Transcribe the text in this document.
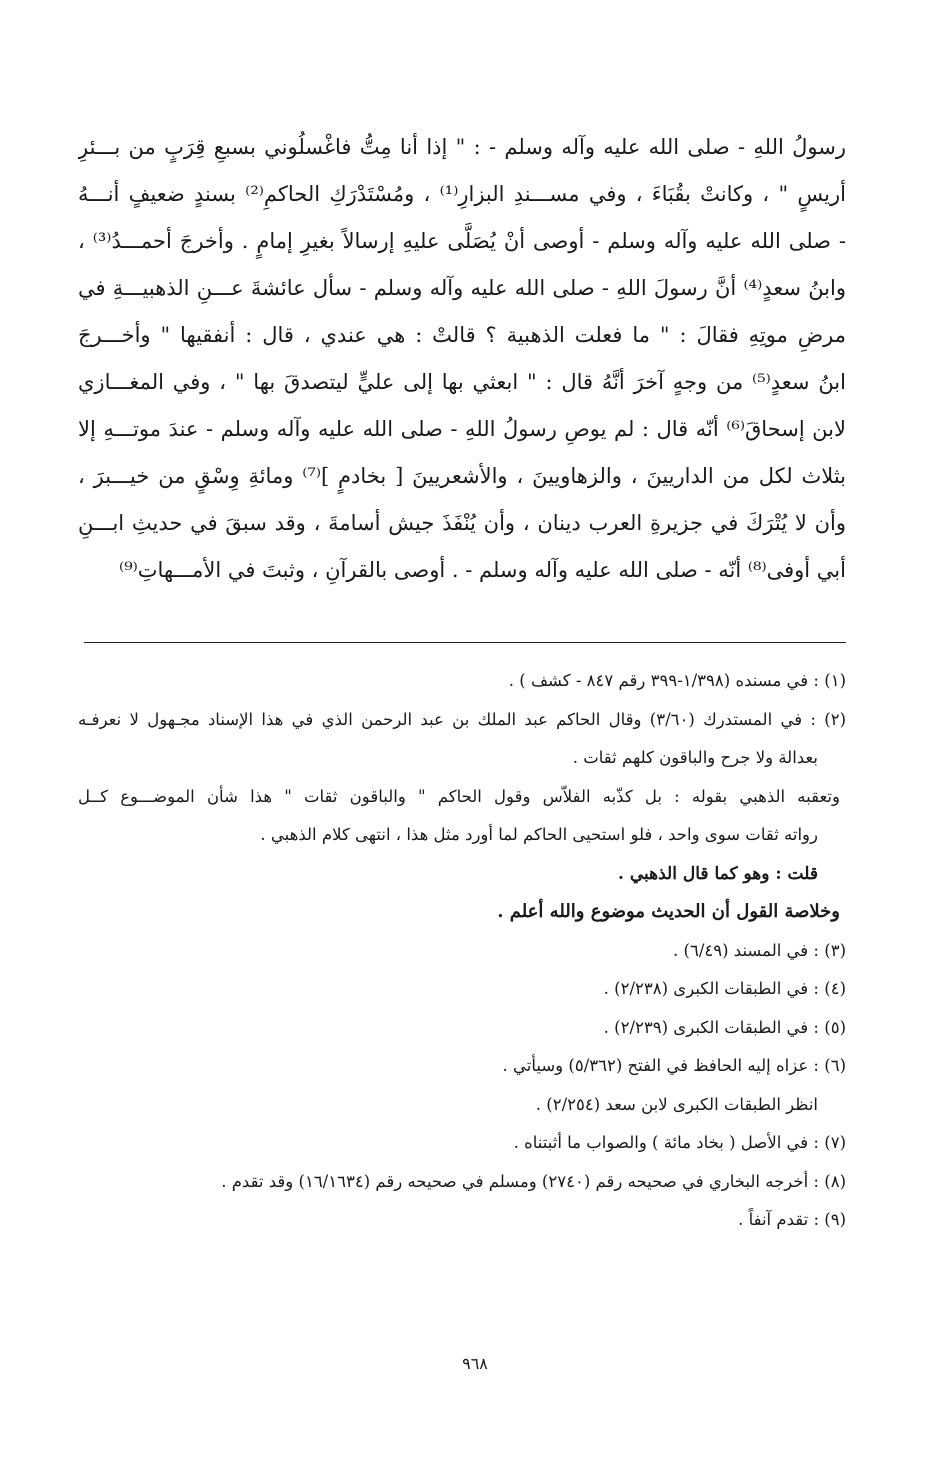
رسولُ اللهِ - صلى الله عليه وآله وسلم - : " إذا أنا مِتُّ فاغْسلُوني بسبعِ قِرَبٍ من بـــئرِ
أريسٍ " ، وكانتْ بقُبَاءَ ، وفي مســـندِ البزارِ⁽¹⁾ ، ومُسْتَدْرَكِ الحاكمِ⁽²⁾ بسندٍ ضعيفٍ أنـــهُ
- صلى الله عليه وآله وسلم - أوصى أنْ يُصَلَّى عليهِ إرسالاً بغيرِ إمامٍ . وأخرجَ أحمـــدُ⁽³⁾ ،
وابنُ سعدٍ⁽⁴⁾ أنَّ رسولَ اللهِ - صلى الله عليه وآله وسلم - سأل عائشةَ عـــنِ الذهبيـــةِ في
مرضِ موتِهِ فقالَ : " ما فعلت الذهبية ؟ قالتْ : هي عندي ، قال : أنفقيها " وأخـــرجَ
ابنُ سعدٍ⁽⁵⁾ من وجهٍ آخرَ أنَّهُ قال : " ابعثي بها إلى عليٍّ ليتصدقَ بها " ، وفي المغـــازي
لابن إسحاقَ⁽⁶⁾ أنّه قال : لم يوصِ رسولُ اللهِ - صلى الله عليه وآله وسلم - عندَ موتـــهِ إلا
بثلاث لكل من الداريينَ ، والزهاويينَ ، والأشعريينَ [ بخادمٍ ]⁽⁷⁾ ومائةِ وِسْقٍ من خيـــبرَ ،
وأن لا يُتْرَكَ في جزيرةِ العرب دينان ، وأن يُنْفَذَ جيش أسامةَ ، وقد سبقَ في حديثِ ابـــنِ
أبي أوفى⁽⁸⁾ أنّه - صلى الله عليه وآله وسلم - . أوصى بالقرآنِ ، وثبتَ في الأمـــهاتِ⁽⁹⁾
(١) : في مسنده (١/٣٩٨-٣٩٩ رقم ٨٤٧ - كشف ) .
(٢) : في المستدرك (٣/٦٠) وقال الحاكم عبد الملك بن عبد الرحمن الذي في هذا الإسناد مجـهول لا نعرفـه
بعدالة ولا جرح والباقون كلهم ثقات .
وتعقبه الذهبي بقوله : بل كذّبه الفلاّس وقول الحاكم " والباقون ثقات " هذا شأن الموضـــوع كــل
رواته ثقات سوى واحد ، فلو استحيى الحاكم لما أورد مثل هذا ، انتهى كلام الذهبي .
قلت : وهو كما قال الذهبي .
وخلاصة القول أن الحديث موضوع والله أعلم .
(٣) : في المسند (٦/٤٩) .
(٤) : في الطبقات الكبرى (٢/٢٣٨) .
(٥) : في الطبقات الكبرى (٢/٢٣٩) .
(٦) : عزاه إليه الحافظ في الفتح (٥/٣٦٢) وسيأتي .
انظر الطبقات الكبرى لابن سعد (٢/٢٥٤) .
(٧) : في الأصل ( بخاد مائة ) والصواب ما أثبتناه .
(٨) : أخرجه البخاري في صحيحه رقم (٢٧٤٠) ومسلم في صحيحه رقم (١٦/١٦٣٤) وقد تقدم .
(٩) : تقدم آنفاً .
٩٦٨
